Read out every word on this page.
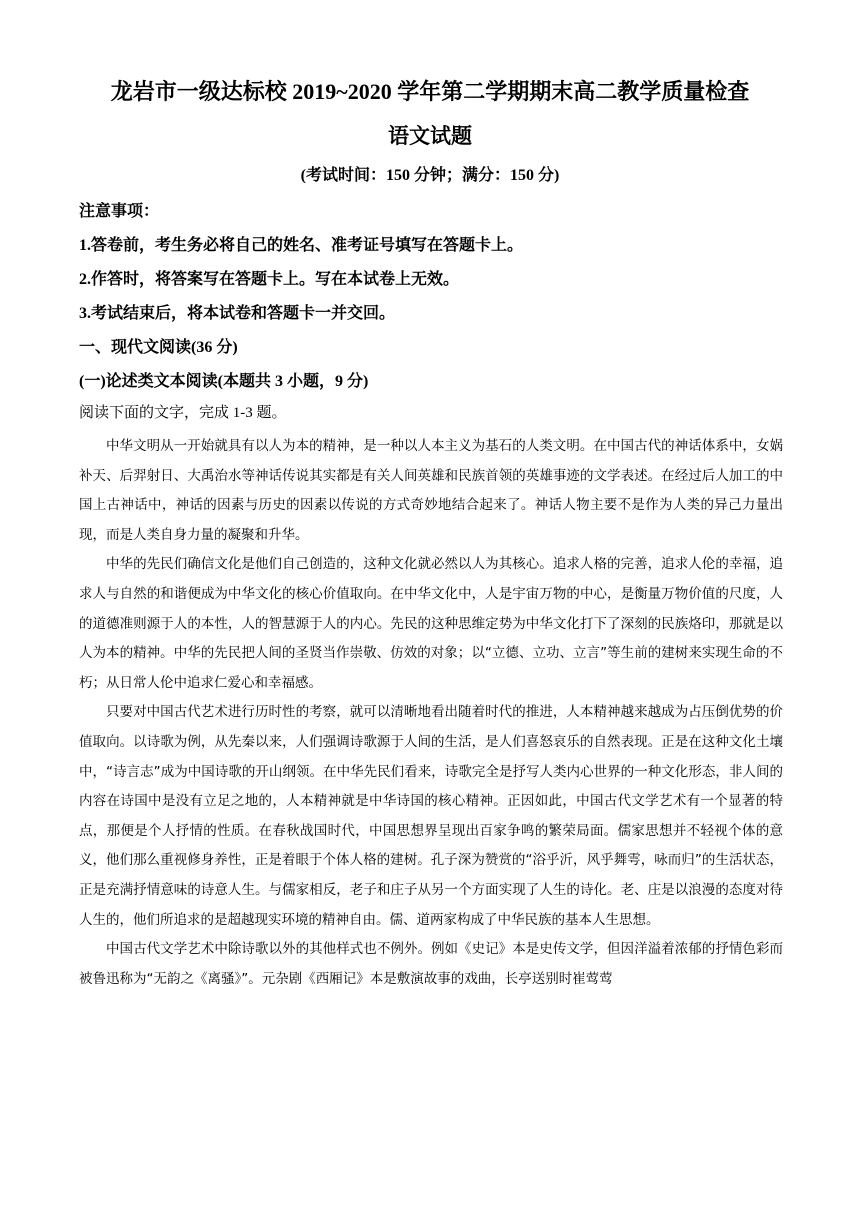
龙岩市一级达标校 2019~2020 学年第二学期期末高二教学质量检查
语文试题
(考试时间：150 分钟；满分：150 分)
注意事项：
1.答卷前，考生务必将自己的姓名、准考证号填写在答题卡上。
2.作答时，将答案写在答题卡上。写在本试卷上无效。
3.考试结束后，将本试卷和答题卡一并交回。
一、现代文阅读(36 分)
(一)论述类文本阅读(本题共 3 小题，9 分)
阅读下面的文字，完成 1-3 题。

中华文明从一开始就具有以人为本的精神，是一种以人本主义为基石的人类文明。在中国古代的神话体系中，女娲补天、后羿射日、大禹治水等神话传说其实都是有关人间英雄和民族首领的英雄事迹的文学表述。在经过后人加工的中国上古神话中，神话的因素与历史的因素以传说的方式奇妙地结合起来了。神话人物主要不是作为人类的异己力量出现，而是人类自身力量的凝聚和升华。

中华的先民们确信文化是他们自己创造的，这种文化就必然以人为其核心。追求人格的完善，追求人伦的幸福，追求人与自然的和谐便成为中华文化的核心价值取向。在中华文化中，人是宇宙万物的中心，是衡量万物价值的尺度，人的道德准则源于人的本性，人的智慧源于人的内心。先民的这种思维定势为中华文化打下了深刻的民族烙印，那就是以人为本的精神。中华的先民把人间的圣贤当作崇敬、仿效的对象；以“立德、立功、立言”等生前的建树来实现生命的不朽；从日常人伦中追求仁爱心和幸福感。

只要对中国古代艺术进行历时性的考察，就可以清晰地看出随着时代的推进，人本精神越来越成为占压倒优势的价值取向。以诗歌为例，从先秦以来，人们强调诗歌源于人间的生活，是人们喜怒哀乐的自然表现。正是在这种文化土壤中，“诗言志”成为中国诗歌的开山纲领。在中华先民们看来，诗歌完全是抒写人类内心世界的一种文化形态，非人间的内容在诗国中是没有立足之地的，人本精神就是中华诗国的核心精神。正因如此，中国古代文学艺术有一个显著的特点，那便是个人抒情的性质。在春秋战国时代，中国思想界呈现出百家争鸣的繁荣局面。儒家思想并不轻视个体的意义，他们那么重视修身养性，正是着眼于个体人格的建树。孔子深为赞赏的“浴乎沂，风乎舞雩，咏而归”的生活状态，正是充满抒情意味的诗意人生。与儒家相反，老子和庄子从另一个方面实现了人生的诗化。老、庄是以浪漫的态度对待人生的，他们所追求的是超越现实环境的精神自由。儒、道两家构成了中华民族的基本人生思想。

中国古代文学艺术中除诗歌以外的其他样式也不例外。例如《史记》本是史传文学，但因洋溢着浓郁的抒情色彩而被鲁迅称为“无韵之《离骚》”。元杂剧《西厢记》本是敷演故事的戏曲，长亭送别时崔莺莺
